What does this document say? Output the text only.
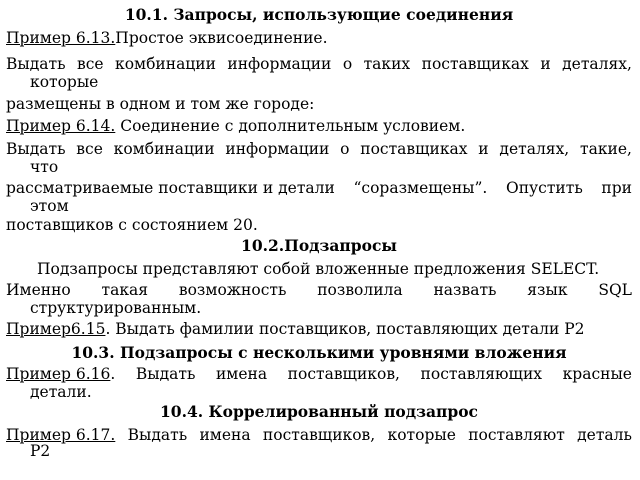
10.1. Запросы, использующие соединения
Пример 6.13.Простое эквисоединение.
Выдать все комбинации информации о таких поставщиках и деталях,
которые
размещены в одном и том же городе:
Пример 6.14. Соединение с дополнительным условием.
Выдать все комбинации информации о поставщиках и деталях, такие,
что
рассматриваемые поставщики и детали “соразмещены”. Опустить при
этом
поставщиков с состоянием 20.
10.2.Подзапросы
Подзапросы представляют собой вложенные предложения SELECT.
Именно такая возможность позволила назвать язык SQL
структурированным.
Пример6.15. Выдать фамилии поставщиков, поставляющих детали Р2
10.3. Подзапросы с несколькими уровнями вложения
Пример 6.16. Выдать имена поставщиков, поставляющих красные
детали.
10.4. Коррелированный подзапрос
Пример 6.17. Выдать имена поставщиков, которые поставляют деталь
Р2
